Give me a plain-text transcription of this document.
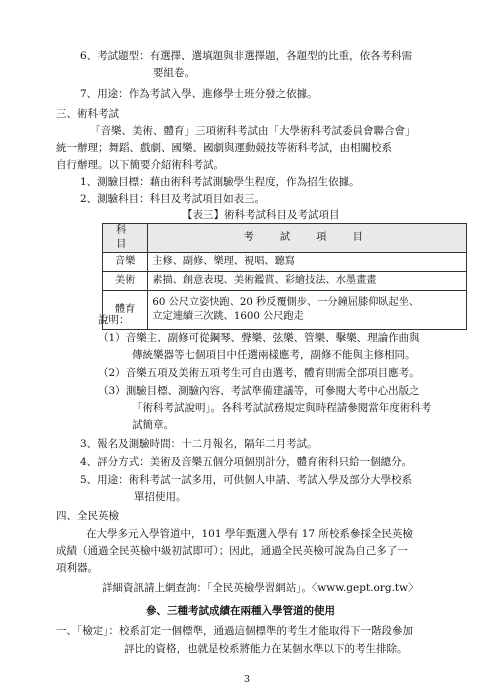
6、考試題型：有選擇、選填題與非選擇題，各題型的比重，依各考科需
要組卷。
7、用途：作為考試入學、進修學士班分發之依據。
三、術科考試
「音樂、美術、體育」三項術科考試由「大學術科考試委員會聯合會」
統一辦理；舞蹈、戲劇、國樂、國劇與運動競技等術科考試，由相關校系
自行辦理。以下簡要介紹術科考試。
1、測驗目標：藉由術科考試測驗學生程度，作為招生依據。
2、測驗科目：科目及考試項目如表三。
【表三】術科考試科目及考試項目
科　目	考　試　項　目
音樂	主修、副修、樂理、視唱、聽寫
美術	素描、創意表現、美術鑑賞、彩繪技法、水墨畫畫
體育	60 公尺立姿快跑、20 秒反覆側步、一分鐘屈膝仰臥起坐、
立定連續三次跳、1600 公尺跑走
說明：
（1）音樂主、副修可從鋼琴、聲樂、弦樂、管樂、擊樂、理論作曲與
傳統樂器等七個項目中任選兩樣應考，副修不能與主修相同。
（2）音樂五項及美術五項考生可自由選考，體育則需全部項目應考。
（3）測驗目標、測驗內容、考試準備建議等，可參閱大考中心出版之
「術科考試說明」。各科考試試務規定與時程請參閱當年度術科考
試簡章。
3、報名及測驗時間：十二月報名，隔年二月考試。
4、評分方式：美術及音樂五個分項個別計分，體育術科只給一個總分。
5、用途：術科考試一試多用，可供個人申請、考試入學及部分大學校系
單招使用。
四、全民英檢
在大學多元入學管道中，101 學年甄選入學有 17 所校系參採全民英檢
成績（通過全民英檢中級初試即可）；因此，通過全民英檢可說為自己多了一
項利器。
詳細資訊請上網查詢：「全民英檢學習網站」。〈www.gept.org.tw〉
參、三種考試成績在兩種入學管道的使用
一、「檢定」：校系訂定一個標準，通過這個標準的考生才能取得下一階段參加
評比的資格，也就是校系將能力在某個水準以下的考生排除。
3
